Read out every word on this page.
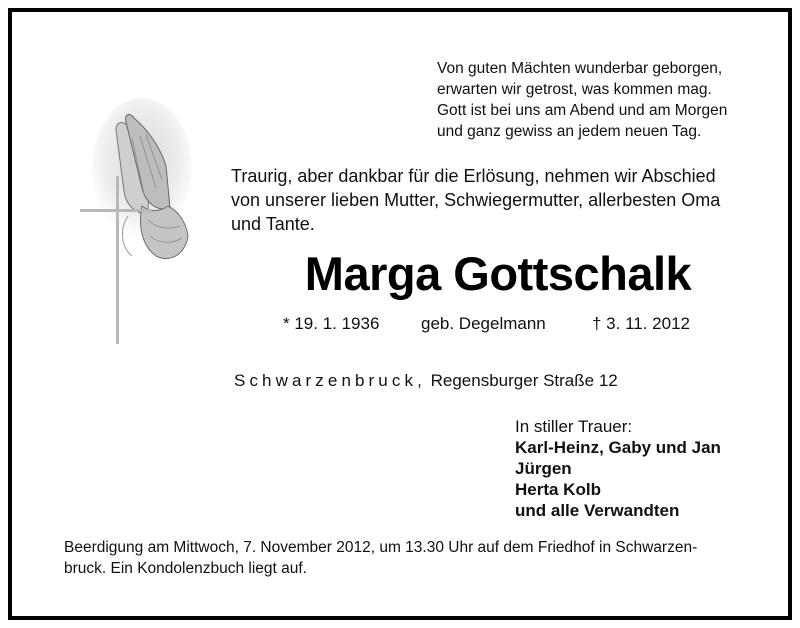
Von guten Mächten wunderbar geborgen,
erwarten wir getrost, was kommen mag.
Gott ist bei uns am Abend und am Morgen
und ganz gewiss an jedem neuen Tag.
Traurig, aber dankbar für die Erlösung, nehmen wir Abschied
von unserer lieben Mutter, Schwiegermutter, allerbesten Oma
und Tante.
Marga Gottschalk
* 19. 1. 1936 geb. Degelmann	† 3. 11. 2012
Schwarzenbruck, Regensburger Straße 12
In stiller Trauer:
Karl-Heinz, Gaby und Jan
Jürgen
Herta Kolb
und alle Verwandten
Beerdigung am Mittwoch, 7. November 2012, um 13.30 Uhr auf dem Friedhof in Schwarzen-
bruck. Ein Kondolenzbuch liegt auf.
